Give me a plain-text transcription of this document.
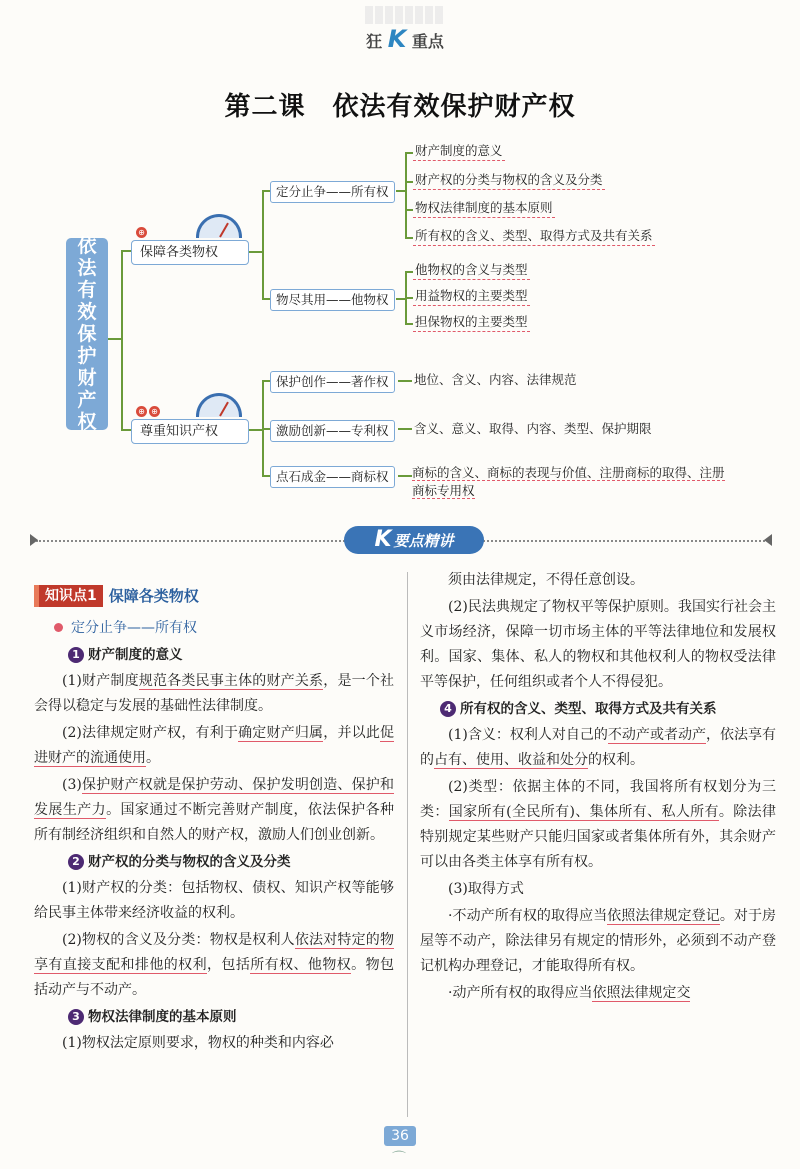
狂 K 重点
第二课　依法有效保护财产权
依
法
有
效
保
护
财
产
权
⊕
保障各类物权
定分止争——所有权
财产制度的意义
财产权的分类与物权的含义及分类
物权法律制度的基本原则
所有权的含义、类型、取得方式及共有关系
物尽其用——他物权
他物权的含义与类型
用益物权的主要类型
担保物权的主要类型
⊕ ⊕
尊重知识产权
保护创作——著作权	地位、含义、内容、法律规范
激励创新——专利权	含义、意义、取得、内容、类型、保护期限
点石成金——商标权	商标的含义、商标的表现与价值、注册商标的取得、注册
商标专用权
K 要点精讲
知识点1 保障各类物权
定分止争——所有权
1 财产制度的意义

(1)财产制度规范各类民事主体的财产关系，是一个社会得以稳定与发展的基础性法律制度。

(2)法律规定财产权，有利于确定财产归属，并以此促进财产的流通使用。

(3)保护财产权就是保护劳动、保护发明创造、保护和发展生产力。国家通过不断完善财产制度，依法保护各种所有制经济组织和自然人的财产权，激励人们创业创新。

2 财产权的分类与物权的含义及分类

(1)财产权的分类：包括物权、债权、知识产权等能够给民事主体带来经济收益的权利。

(2)物权的含义及分类：物权是权利人依法对特定的物享有直接支配和排他的权利，包括所有权、他物权。物包括动产与不动产。

3 物权法律制度的基本原则

(1)物权法定原则要求，物权的种类和内容必

须由法律规定，不得任意创设。

(2)民法典规定了物权平等保护原则。我国实行社会主义市场经济，保障一切市场主体的平等法律地位和发展权利。国家、集体、私人的物权和其他权利人的物权受法律平等保护，任何组织或者个人不得侵犯。

4 所有权的含义、类型、取得方式及共有关系

(1)含义：权利人对自己的不动产或者动产，依法享有的占有、使用、收益和处分的权利。

(2)类型：依据主体的不同，我国将所有权划分为三类：国家所有(全民所有)、集体所有、私人所有。除法律特别规定某些财产只能归国家或者集体所有外，其余财产可以由各类主体享有所有权。

(3)取得方式

·不动产所有权的取得应当依照法律规定登记。对于房屋等不动产，除法律另有规定的情形外，必须到不动产登记机构办理登记，才能取得所有权。

·动产所有权的取得应当依照法律规定交

36
⌒
